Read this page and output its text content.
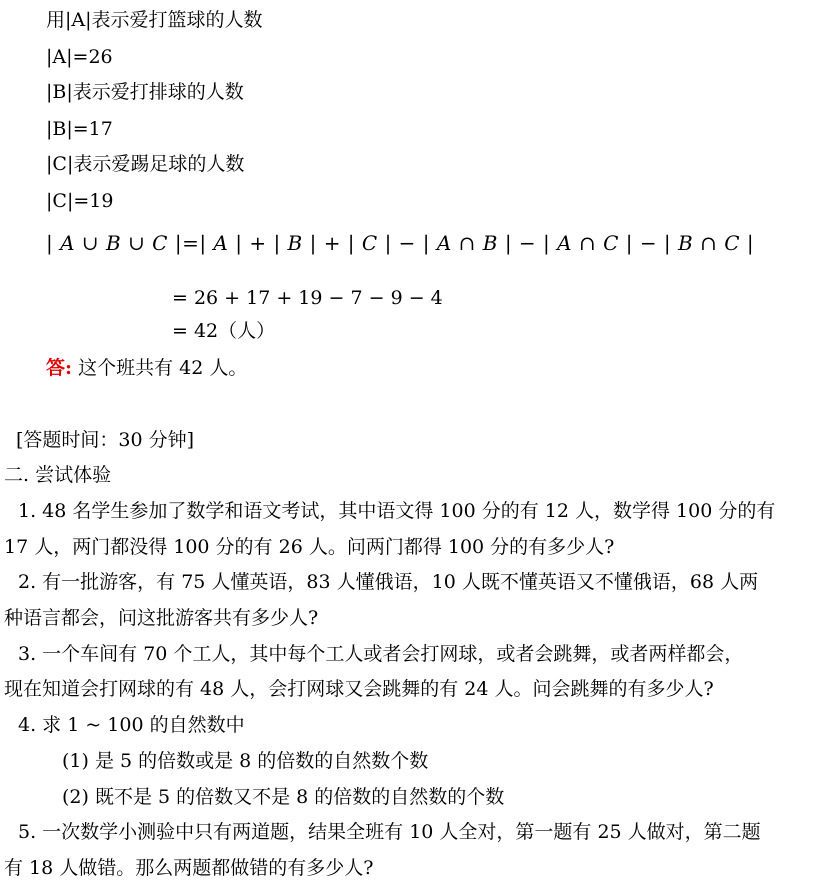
用|A|表示爱打篮球的人数
|A|=26
|B|表示爱打排球的人数
|B|=17
|C|表示爱踢足球的人数
|C|=19
| A ∪ B ∪ C |=| A | + | B | + | C | − | A ∩ B | − | A ∩ C | − | B ∩ C |
= 26 + 17 + 19 − 7 − 9 − 4
= 42（人）
答: 这个班共有 42 人。
[答题时间：30 分钟]
二. 尝试体验
1. 48 名学生参加了数学和语文考试，其中语文得 100 分的有 12 人，数学得 100 分的有
17 人，两门都没得 100 分的有 26 人。问两门都得 100 分的有多少人?
2. 有一批游客，有 75 人懂英语，83 人懂俄语，10 人既不懂英语又不懂俄语，68 人两
种语言都会，问这批游客共有多少人?
3. 一个车间有 70 个工人，其中每个工人或者会打网球，或者会跳舞，或者两样都会，
现在知道会打网球的有 48 人，会打网球又会跳舞的有 24 人。问会跳舞的有多少人?
4. 求 1 ~ 100 的自然数中
(1) 是 5 的倍数或是 8 的倍数的自然数个数
(2) 既不是 5 的倍数又不是 8 的倍数的自然数的个数
5. 一次数学小测验中只有两道题，结果全班有 10 人全对，第一题有 25 人做对，第二题
有 18 人做错。那么两题都做错的有多少人?
